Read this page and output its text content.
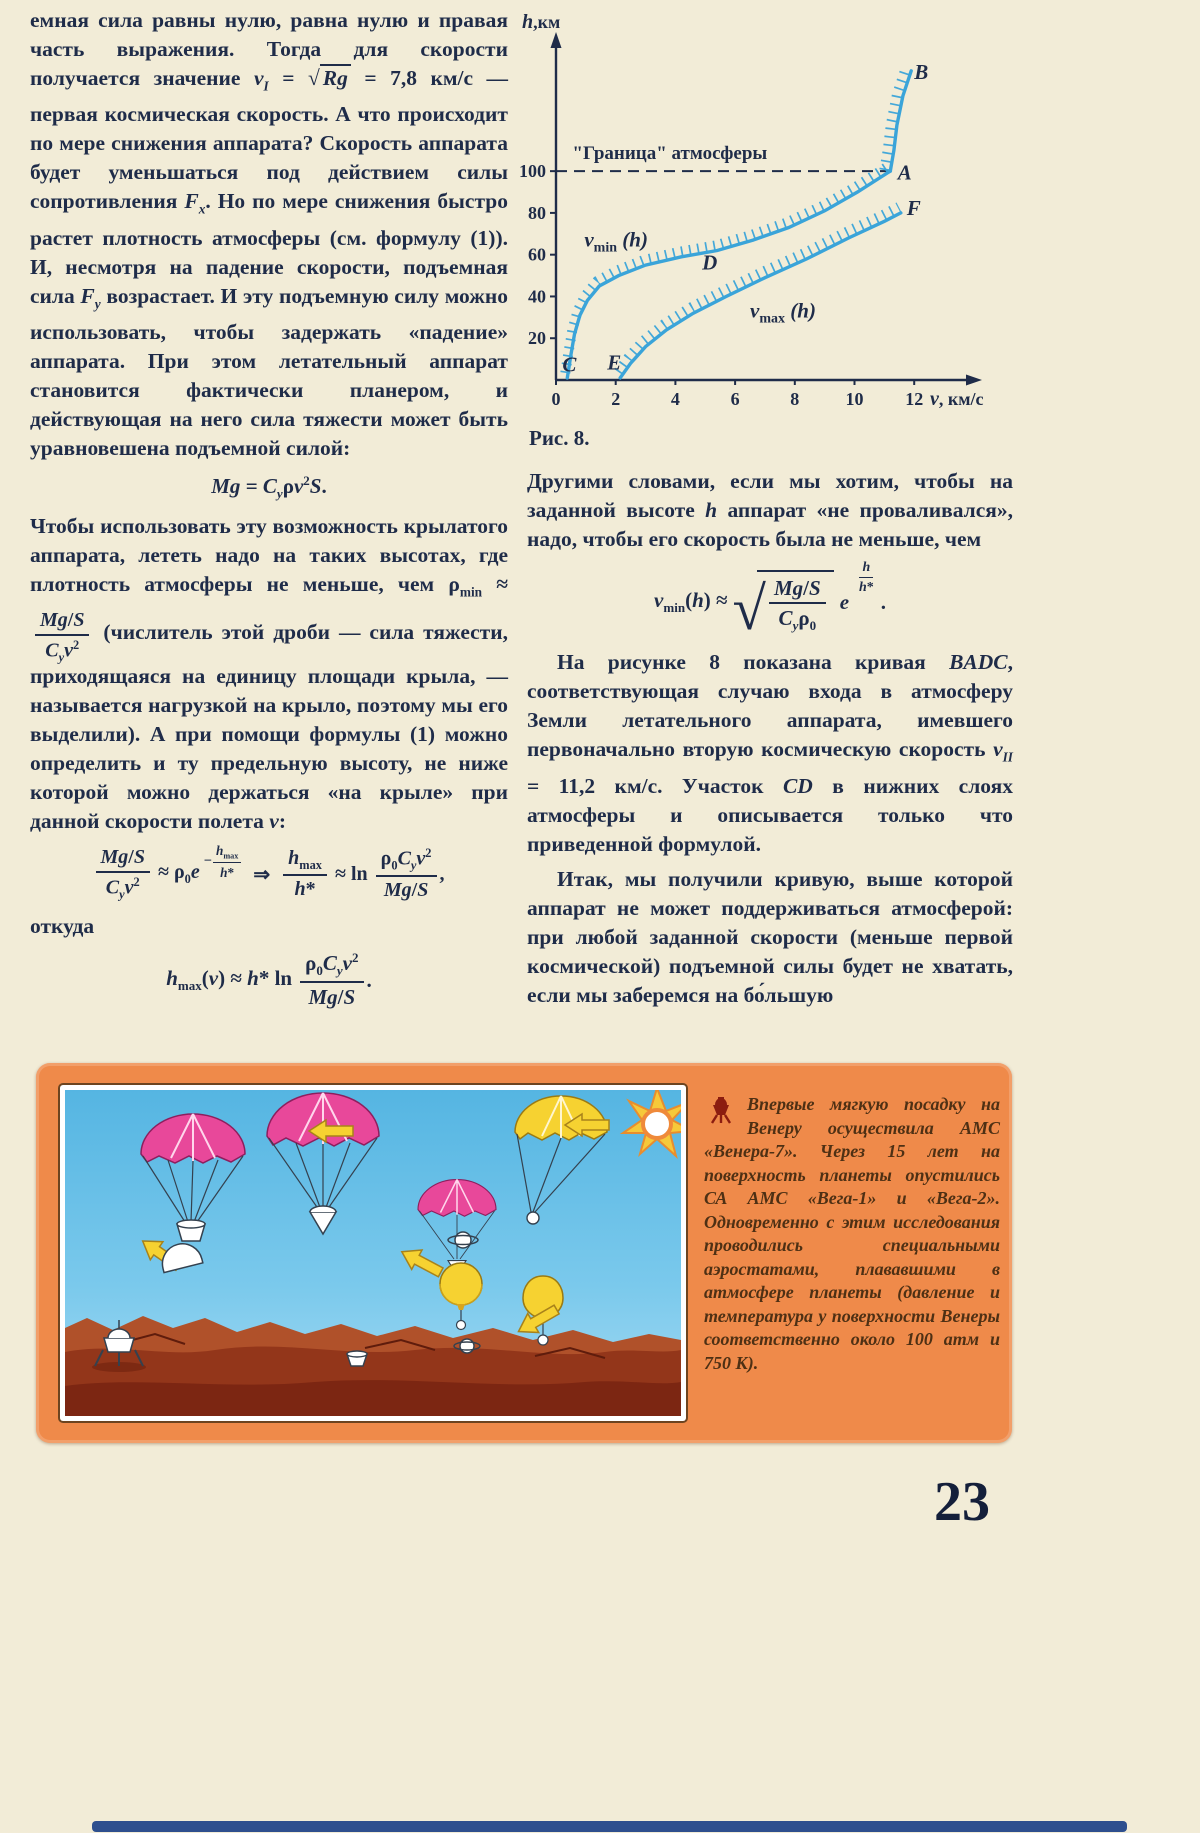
емная сила равны нулю, равна нулю и правая часть выражения. Тогда для скорости получается значение $v_I$ = √ Rg = 7,8 км/с — первая космическая скорость. А что происходит по мере снижения аппарата? Скорость аппарата будет уменьшаться под действием силы сопротивления $F_x$. Но по мере снижения быстро растет плотность атмосферы (см. формулу (1)). И, несмотря на падение скорости, подъемная сила $F_y$ возрастает. И эту подъемную силу можно использовать, чтобы задержать «падение» аппарата. При этом летательный аппарат становится фактически планером, и действующая на него сила тяжести может быть уравновешена подъемной силой:

$Mg = C_y\rho v^2S$.

Чтобы использовать эту возможность крылатого аппарата, лететь надо на таких высотах, где плотность атмосферы не меньше, чем $\rho_{min}$ ≈
$\frac{Mg/S}{C_yv^2}$ (числитель этой дроби — сила тяжести, приходящаяся на единицу площади крыла, — называется нагрузкой на крыло, поэтому мы его выделили). А при помощи формулы (1) можно определить и ту предельную высоту, не ниже которой можно держаться «на крыле» при данной скорости полета v:

$\frac{Mg/S}{C_yv^2} \approx \rho_0e$
− $\frac{h_{max}}{h*}$ ⇒ $\frac{h_{max}}{h*} \approx \ln \frac{\rho_0C_yv^2}{Mg/S}$ ,

откуда

$h_{max}(v) \approx h*$ $\ln \frac{\rho_0C_yv^2}{Mg/S}$ .
20
40
60
80
100
0	2	4	6	8	10 12
"Граница" атмосферы
B
A
F
D
C E
$v_{min}$ (h)
$v_{max}$ (h)
h,км
v, км/с
Рис. 8.

Другими словами, если мы хотим, чтобы на заданной высоте h аппарат «не проваливался», надо, чтобы его скорость была не меньше, чем

$v_{min}(h)$ ≈ √ $\frac{Mg/S}{C_y\rho_0}$ e
$\frac{h}{h*}$
.

На рисунке 8 показана кривая BADC, соответствующая случаю входа в атмосферу Земли летательного аппарата, имевшего первоначально вторую космическую скорость $v_{II} = 11,2$ км/с. Участок CD в нижних слоях атмосферы и описывается только что приведенной формулой.

Итак, мы получили кривую, выше которой аппарат не может поддерживаться атмосферой: при любой заданной скорости (меньше первой космической) подъемной силы будет не хватать, если мы заберемся на бо́льшую

Впервые мягкую посадку на Венеру осуществила АМС «Венера-7». Через 15 лет на поверхность планеты опустились СА АМС «Вега-1» и «Вега-2». Одновременно с этим исследования проводились специальными аэростатами, плававшими в атмосфере планеты (давление и температура у поверхности Венеры соответственно около 100 атм и 750 К).
23
